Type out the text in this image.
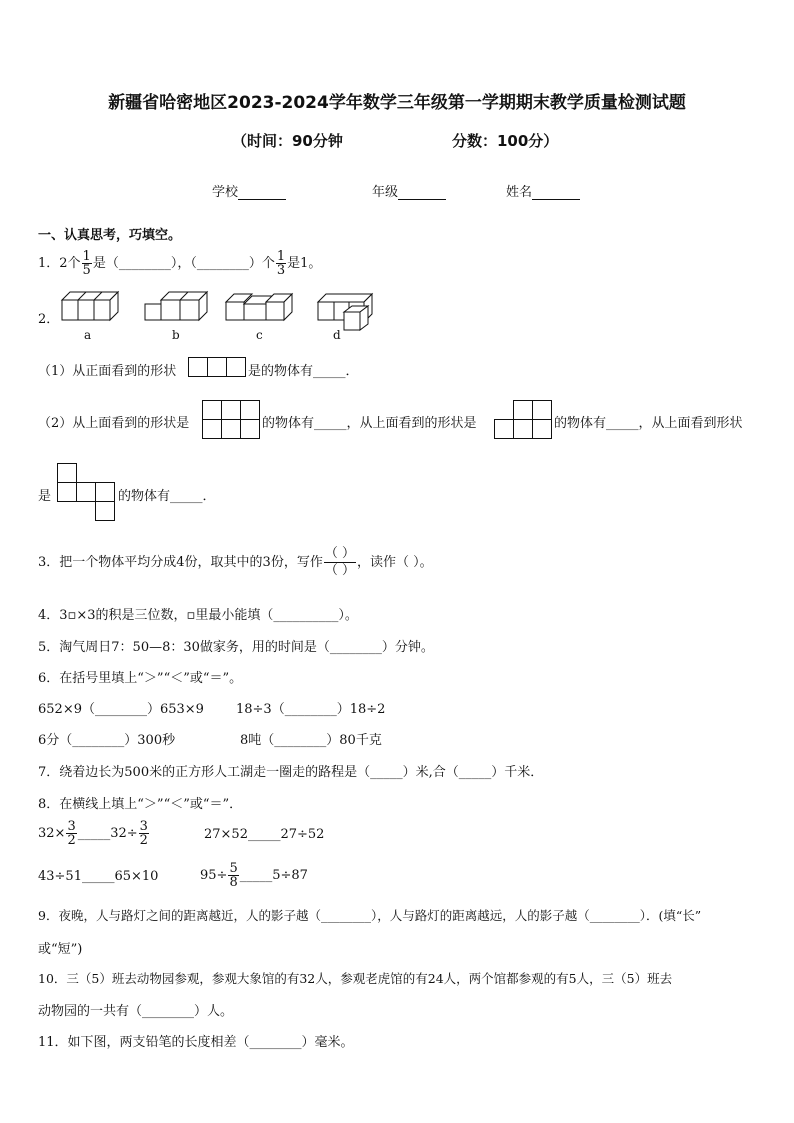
新疆省哈密地区2023-2024学年数学三年级第一学期期末教学质量检测试题
（时间：90分钟	分数：100分）
学校	年级	姓名
一、认真思考，巧填空。
1．2个 $\frac{1}{5}$ 是（________），（________）个 $\frac{1}{3}$ 是1。
2．
a	b	c	d
（1）从正面看到的形状	是的物体有_____．
（2）从上面看到的形状是	的物体有_____，从上面看到的形状是	的物体有_____，从上面看到形状
是	的物体有_____．
3．把一个物体平均分成4份，取其中的3份，写作 $\frac{( )}{( )}$ ，读作（ ）。
4．3▫×3的积是三位数，▫里最小能填（__________）。
5．淘气周日7：50—8：30做家务，用的时间是（________）分钟。
6．在括号里填上“＞”“＜”或“＝”。
652×9（________）653×9 18÷3（________）18÷2
6分（________）300秒	8吨（________）80千克
7．绕着边长为500米的正方形人工湖走一圈走的路程是（_____）米,合（_____）千米．
8．在横线上填上“＞”“＜”或“＝”．
$32\times \frac{3}{2}$ _____32÷ $\frac{3}{2}$	27×52_____27÷52
43÷51_____65×10	$95\div \frac{5}{8}$ _____5÷87
9．夜晚，人与路灯之间的距离越近，人的影子越（________），人与路灯的距离越远，人的影子越（________）．(填“长”
或“短”)
10．三（5）班去动物园参观，参观大象馆的有32人，参观老虎馆的有24人，两个馆都参观的有5人，三（5）班去
动物园的一共有（________）人。
11．如下图，两支铅笔的长度相差（________）毫米。
